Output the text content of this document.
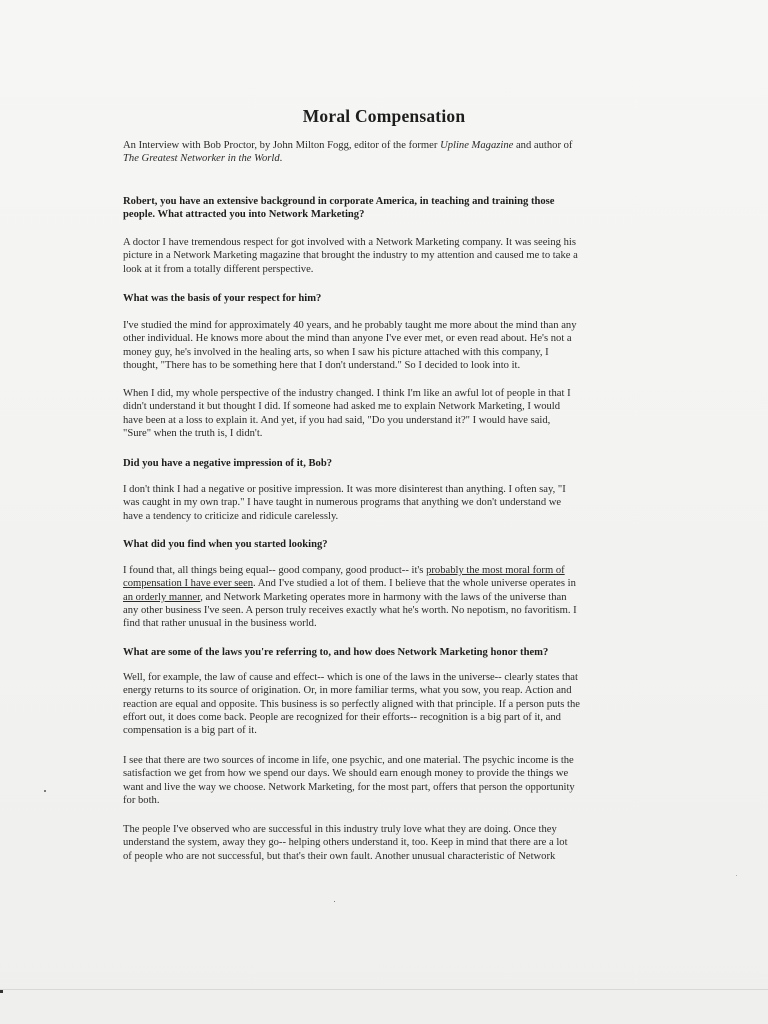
Moral Compensation
An Interview with Bob Proctor, by John Milton Fogg, editor of the former Upline Magazine and author of
The Greatest Networker in the World.
Robert, you have an extensive background in corporate America, in teaching and training those
people. What attracted you into Network Marketing?
A doctor I have tremendous respect for got involved with a Network Marketing company. It was seeing his
picture in a Network Marketing magazine that brought the industry to my attention and caused me to take a
look at it from a totally different perspective.
What was the basis of your respect for him?
I've studied the mind for approximately 40 years, and he probably taught me more about the mind than any
other individual. He knows more about the mind than anyone I've ever met, or even read about. He's not a
money guy, he's involved in the healing arts, so when I saw his picture attached with this company, I
thought, "There has to be something here that I don't understand." So I decided to look into it.
When I did, my whole perspective of the industry changed. I think I'm like an awful lot of people in that I
didn't understand it but thought I did. If someone had asked me to explain Network Marketing, I would
have been at a loss to explain it. And yet, if you had said, "Do you understand it?" I would have said,
"Sure" when the truth is, I didn't.
Did you have a negative impression of it, Bob?
I don't think I had a negative or positive impression. It was more disinterest than anything. I often say, "I
was caught in my own trap." I have taught in numerous programs that anything we don't understand we
have a tendency to criticize and ridicule carelessly.
What did you find when you started looking?
I found that, all things being equal-- good company, good product-- it's probably the most moral form of
compensation I have ever seen. And I've studied a lot of them. I believe that the whole universe operates in
an orderly manner, and Network Marketing operates more in harmony with the laws of the universe than
any other business I've seen. A person truly receives exactly what he's worth. No nepotism, no favoritism. I
find that rather unusual in the business world.
What are some of the laws you're referring to, and how does Network Marketing honor them?
Well, for example, the law of cause and effect-- which is one of the laws in the universe-- clearly states that
energy returns to its source of origination. Or, in more familiar terms, what you sow, you reap. Action and
reaction are equal and opposite. This business is so perfectly aligned with that principle. If a person puts the
effort out, it does come back. People are recognized for their efforts-- recognition is a big part of it, and
compensation is a big part of it.
I see that there are two sources of income in life, one psychic, and one material. The psychic income is the
satisfaction we get from how we spend our days. We should earn enough money to provide the things we
want and live the way we choose. Network Marketing, for the most part, offers that person the opportunity
for both.
The people I've observed who are successful in this industry truly love what they are doing. Once they
understand the system, away they go-- helping others understand it, too. Keep in mind that there are a lot
of people who are not successful, but that's their own fault. Another unusual characteristic of Network
